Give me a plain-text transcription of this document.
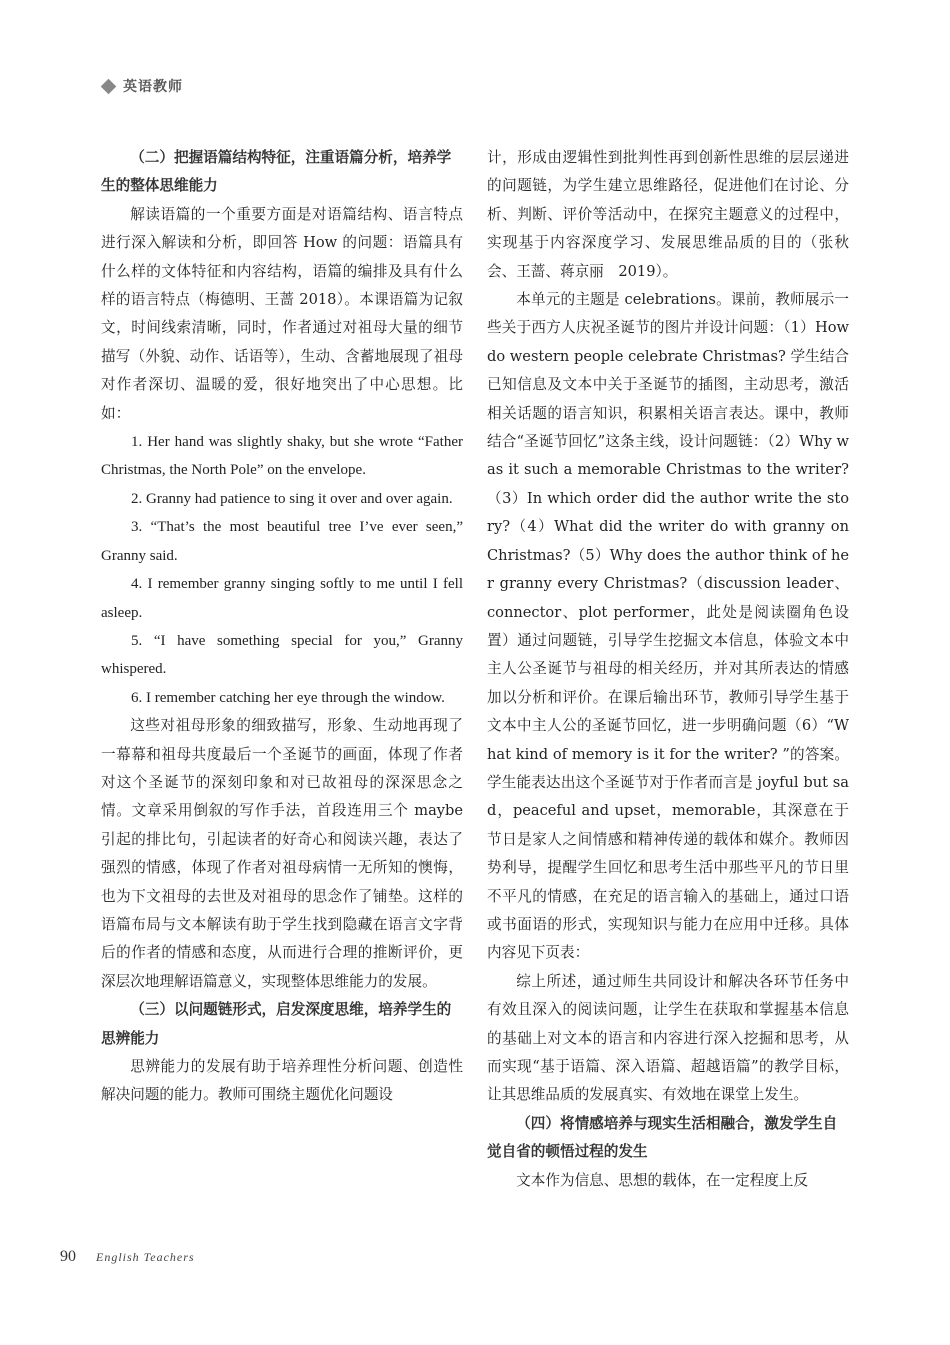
英语教师

（二）把握语篇结构特征，注重语篇分析，培养学生的整体思维能力

解读语篇的一个重要方面是对语篇结构、语言特点进行深入解读和分析，即回答 How 的问题：语篇具有什么样的文体特征和内容结构，语篇的编排及具有什么样的语言特点（梅德明、王蔷 2018）。本课语篇为记叙文，时间线索清晰，同时，作者通过对祖母大量的细节描写（外貌、动作、话语等），生动、含蓄地展现了祖母对作者深切、温暖的爱，很好地突出了中心思想。比如：

1. Her hand was slightly shaky, but she wrote “Father Christmas, the North Pole” on the envelope.

2. Granny had patience to sing it over and over again.

3. “That’s the most beautiful tree I’ve ever seen,” Granny said.

4. I remember granny singing softly to me until I fell asleep.

5. “I have something special for you,” Granny whispered.

6. I remember catching her eye through the window.

这些对祖母形象的细致描写，形象、生动地再现了一幕幕和祖母共度最后一个圣诞节的画面，体现了作者对这个圣诞节的深刻印象和对已故祖母的深深思念之情。文章采用倒叙的写作手法，首段连用三个 maybe 引起的排比句，引起读者的好奇心和阅读兴趣，表达了强烈的情感，体现了作者对祖母病情一无所知的懊悔，也为下文祖母的去世及对祖母的思念作了铺垫。这样的语篇布局与文本解读有助于学生找到隐藏在语言文字背后的作者的情感和态度，从而进行合理的推断评价，更深层次地理解语篇意义，实现整体思维能力的发展。

（三）以问题链形式，启发深度思维，培养学生的思辨能力

思辨能力的发展有助于培养理性分析问题、创造性解决问题的能力。教师可围绕主题优化问题设

计，形成由逻辑性到批判性再到创新性思维的层层递进的问题链，为学生建立思维路径，促进他们在讨论、分析、判断、评价等活动中，在探究主题意义的过程中，实现基于内容深度学习、发展思维品质的目的（张秋会、王蔷、蒋京丽　2019）。

本单元的主题是 celebrations。课前，教师展示一些关于西方人庆祝圣诞节的图片并设计问题：（1）How do western people celebrate Christmas? 学生结合已知信息及文本中关于圣诞节的插图，主动思考，激活相关话题的语言知识，积累相关语言表达。课中，教师结合“圣诞节回忆”这条主线，设计问题链：（2）Why was it such a memorable Christmas to the writer?（3）In which order did the author write the story?（4）What did the writer do with granny on Christmas?（5）Why does the author think of her granny every Christmas?（discussion leader、connector、plot performer，此处是阅读圈角色设置）通过问题链，引导学生挖掘文本信息，体验文本中主人公圣诞节与祖母的相关经历，并对其所表达的情感加以分析和评价。在课后输出环节，教师引导学生基于文本中主人公的圣诞节回忆，进一步明确问题（6）“What kind of memory is it for the writer? ”的答案。学生能表达出这个圣诞节对于作者而言是 joyful but sad，peaceful and upset，memorable，其深意在于节日是家人之间情感和精神传递的载体和媒介。教师因势利导，提醒学生回忆和思考生活中那些平凡的节日里不平凡的情感，在充足的语言输入的基础上，通过口语或书面语的形式，实现知识与能力在应用中迁移。具体内容见下页表：

综上所述，通过师生共同设计和解决各环节任务中有效且深入的阅读问题，让学生在获取和掌握基本信息的基础上对文本的语言和内容进行深入挖掘和思考，从而实现“基于语篇、深入语篇、超越语篇”的教学目标，让其思维品质的发展真实、有效地在课堂上发生。

（四）将情感培养与现实生活相融合，激发学生自觉自省的顿悟过程的发生

文本作为信息、思想的载体，在一定程度上反

90 English Teachers
